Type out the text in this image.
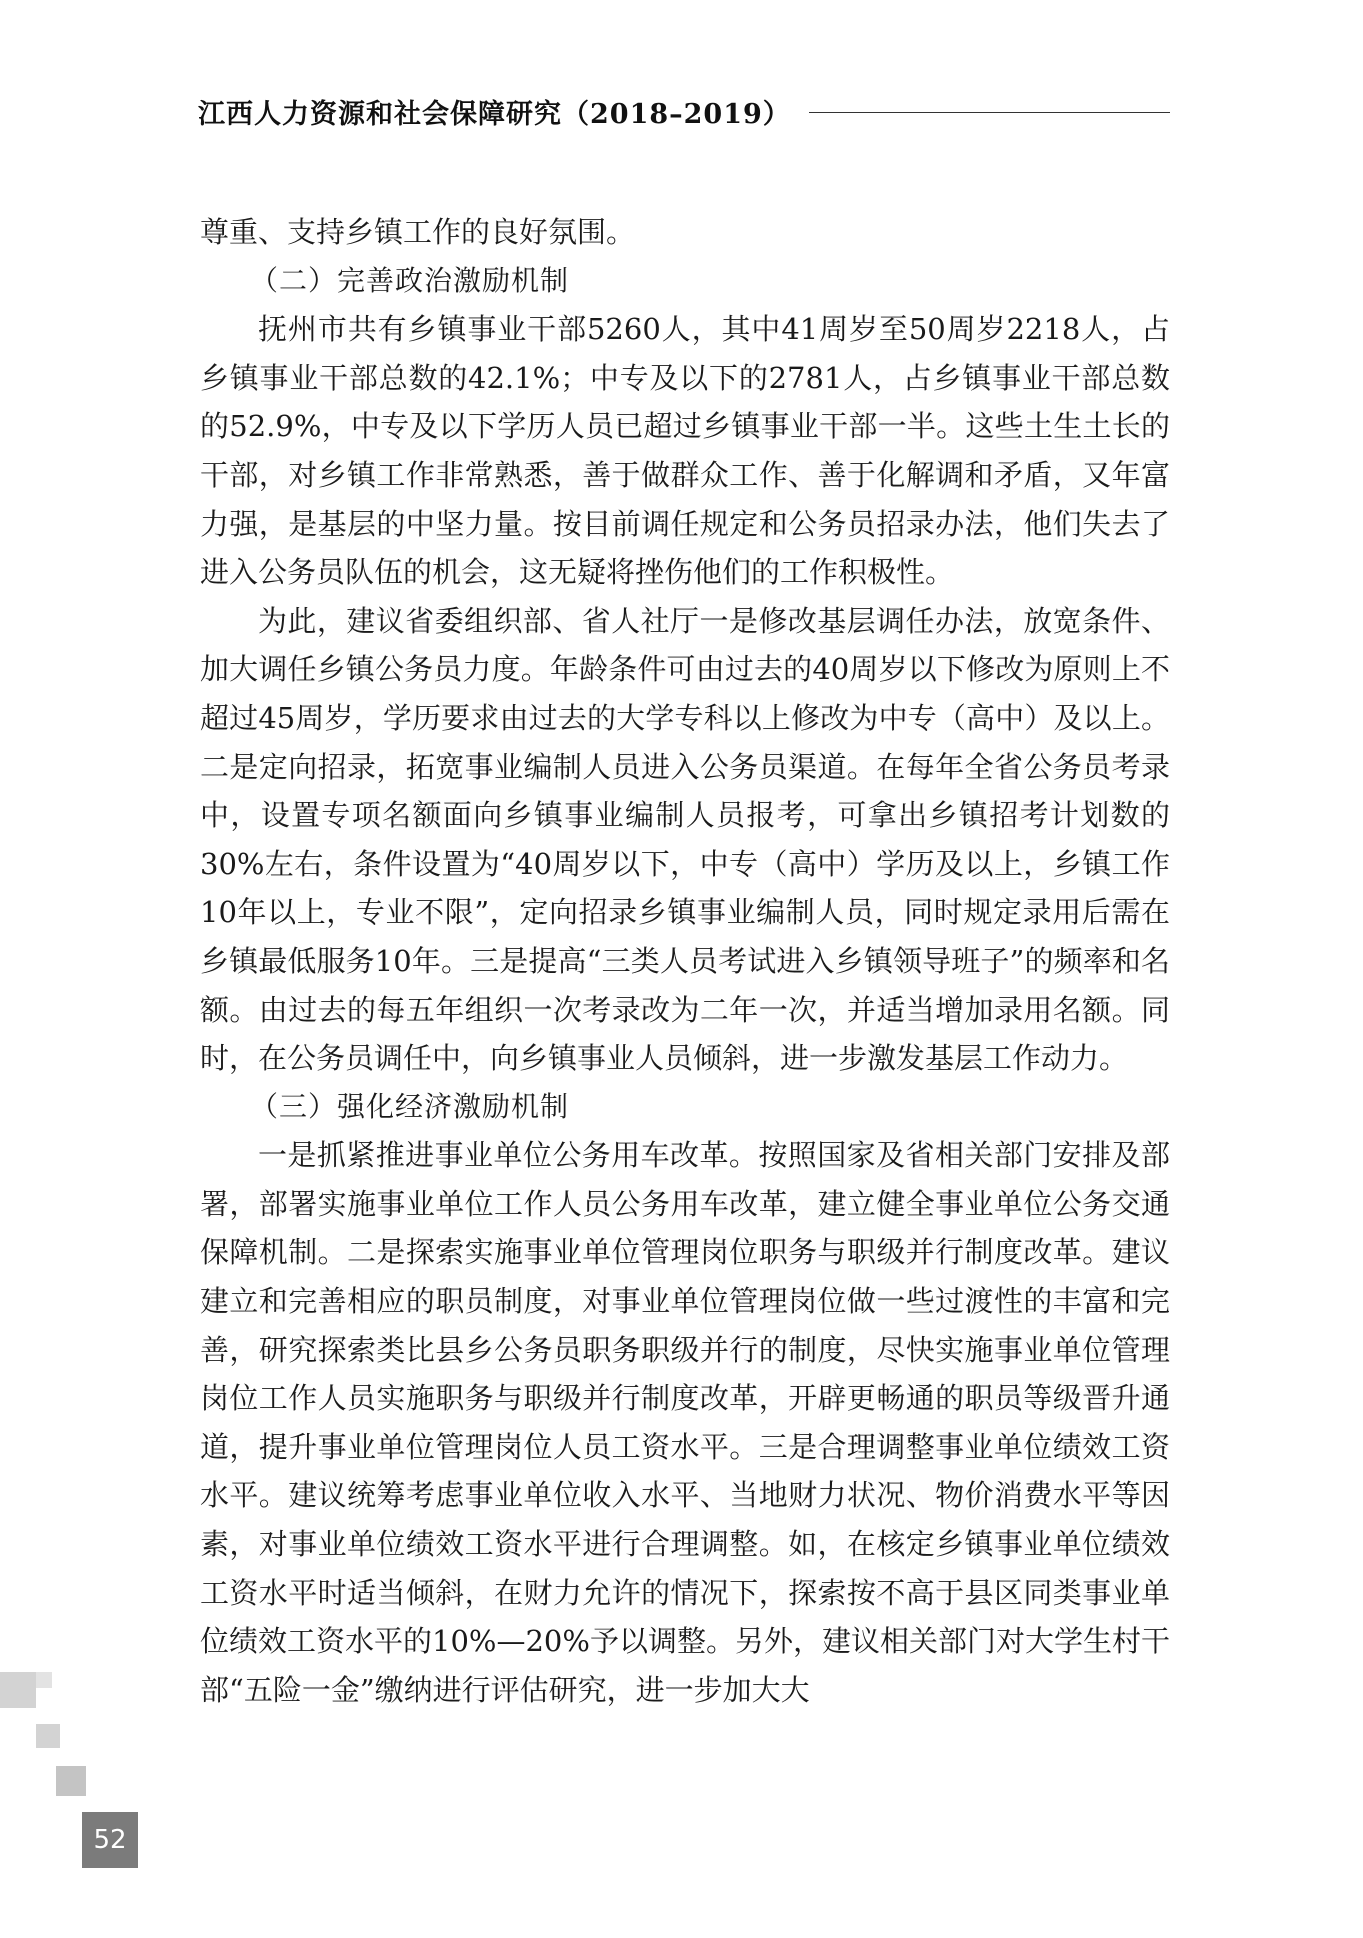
江西人力资源和社会保障研究（2018–2019）

尊重、支持乡镇工作的良好氛围。

（二）完善政治激励机制

抚州市共有乡镇事业干部5260人，其中41周岁至50周岁2218人，占乡镇事业干部总数的42.1%；中专及以下的2781人，占乡镇事业干部总数的52.9%，中专及以下学历人员已超过乡镇事业干部一半。这些土生土长的干部，对乡镇工作非常熟悉，善于做群众工作、善于化解调和矛盾，又年富力强，是基层的中坚力量。按目前调任规定和公务员招录办法，他们失去了进入公务员队伍的机会，这无疑将挫伤他们的工作积极性。

为此，建议省委组织部、省人社厅一是修改基层调任办法，放宽条件、加大调任乡镇公务员力度。年龄条件可由过去的40周岁以下修改为原则上不超过45周岁，学历要求由过去的大学专科以上修改为中专（高中）及以上。二是定向招录，拓宽事业编制人员进入公务员渠道。在每年全省公务员考录中，设置专项名额面向乡镇事业编制人员报考，可拿出乡镇招考计划数的30%左右，条件设置为“40周岁以下，中专（高中）学历及以上，乡镇工作10年以上，专业不限”，定向招录乡镇事业编制人员，同时规定录用后需在乡镇最低服务10年。三是提高“三类人员考试进入乡镇领导班子”的频率和名额。由过去的每五年组织一次考录改为二年一次，并适当增加录用名额。同时，在公务员调任中，向乡镇事业人员倾斜，进一步激发基层工作动力。

（三）强化经济激励机制

一是抓紧推进事业单位公务用车改革。按照国家及省相关部门安排及部署，部署实施事业单位工作人员公务用车改革，建立健全事业单位公务交通保障机制。二是探索实施事业单位管理岗位职务与职级并行制度改革。建议建立和完善相应的职员制度，对事业单位管理岗位做一些过渡性的丰富和完善，研究探索类比县乡公务员职务职级并行的制度，尽快实施事业单位管理岗位工作人员实施职务与职级并行制度改革，开辟更畅通的职员等级晋升通道，提升事业单位管理岗位人员工资水平。三是合理调整事业单位绩效工资水平。建议统筹考虑事业单位收入水平、当地财力状况、物价消费水平等因素，对事业单位绩效工资水平进行合理调整。如，在核定乡镇事业单位绩效工资水平时适当倾斜，在财力允许的情况下，探索按不高于县区同类事业单位绩效工资水平的10%—20%予以调整。另外，建议相关部门对大学生村干部“五险一金”缴纳进行评估研究，进一步加大大

52
